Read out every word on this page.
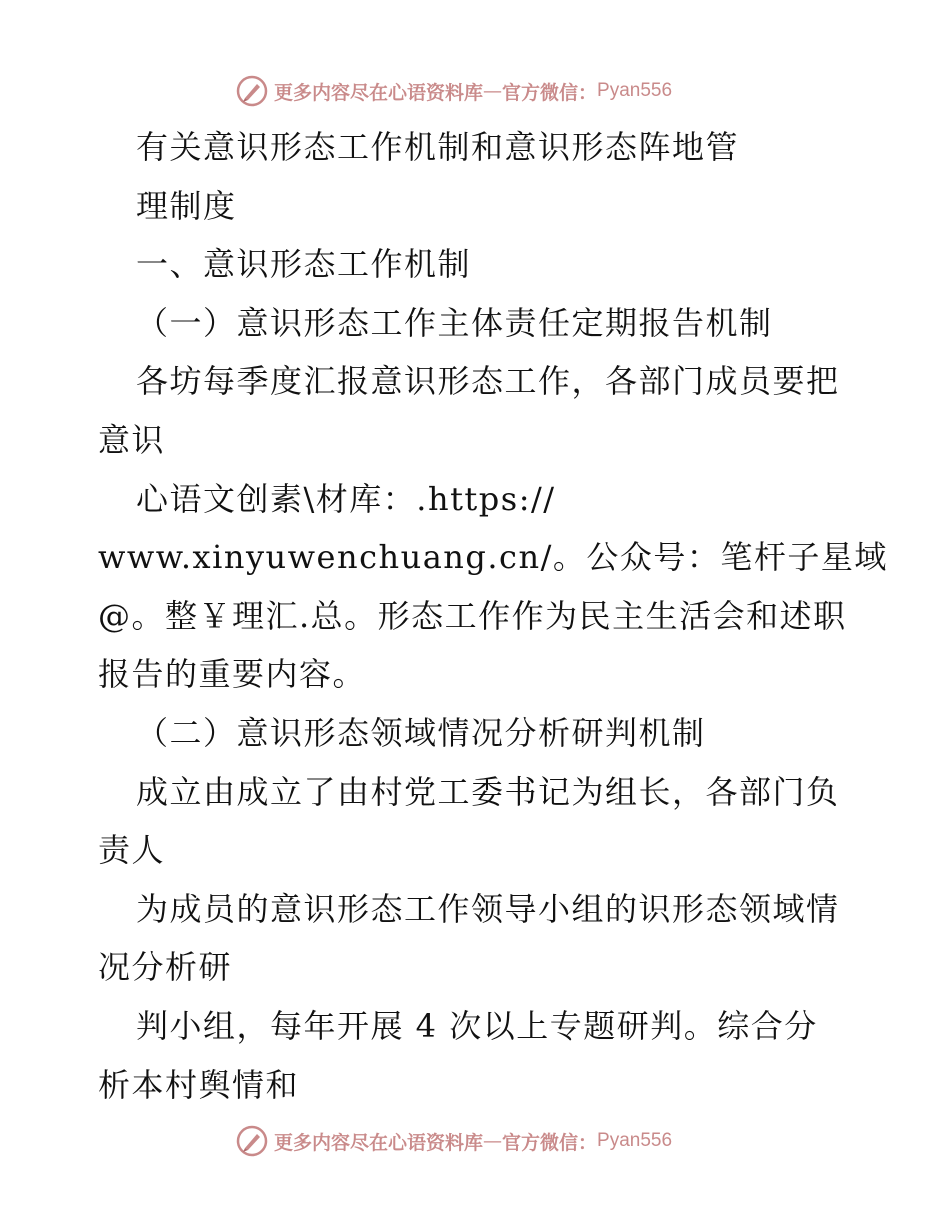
更多内容尽在心语资料库 — 官方微信： Pyan556
有关意识形态工作机制和意识形态阵地管
理制度
一、意识形态工作机制
（一）意识形态工作主体责任定期报告机制
各坊每季度汇报意识形态工作，各部门成员要把
意识
心语文创素\材库：.https://
www.xinyuwenchuang.cn/。公众号：笔杆子星域
@。整￥理汇.总。形态工作作为民主生活会和述职
报告的重要内容。
（二）意识形态领域情况分析研判机制
成立由成立了由村党工委书记为组长，各部门负
责人
为成员的意识形态工作领导小组的识形态领域情
况分析研
判小组，每年开展 4 次以上专题研判。综合分
析本村舆情和
更多内容尽在心语资料库 — 官方微信： Pyan556
